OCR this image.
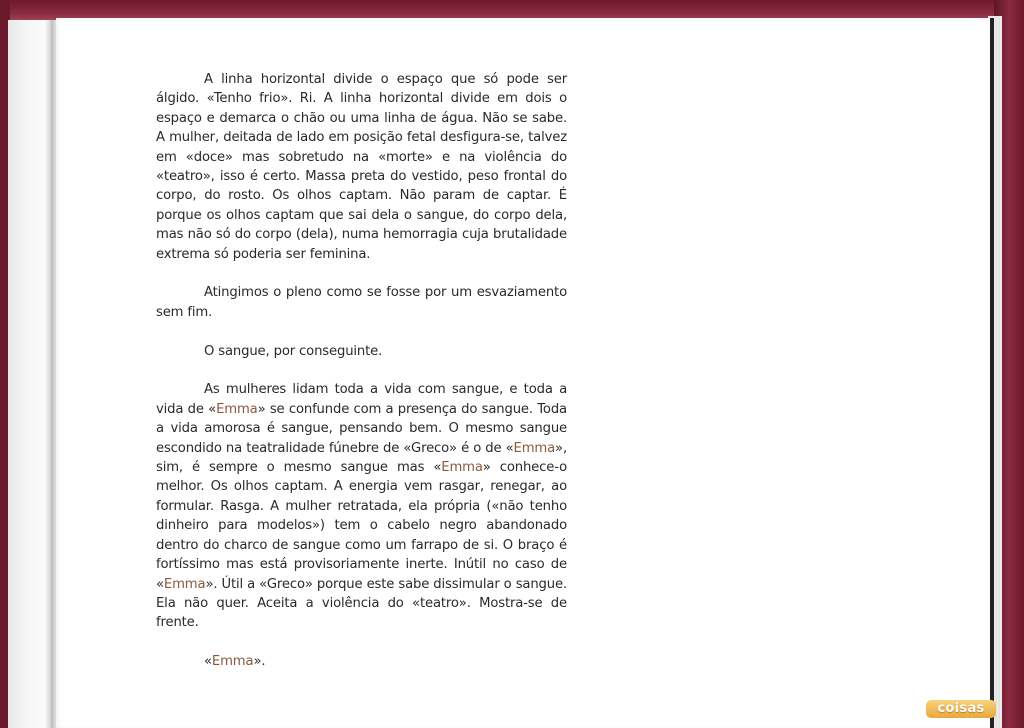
A linha horizontal divide o espaço que só pode ser álgido. «Tenho frio». Ri. A linha horizontal divide em dois o espaço e demarca o chão ou uma linha de água. Não se sabe. A mulher, deitada de lado em posição fetal desfigura-se, talvez em «doce» mas sobretudo na «morte» e na violência do «teatro», isso é certo. Massa preta do vestido, peso frontal do corpo, do rosto. Os olhos captam. Não param de captar. É porque os olhos captam que sai dela o sangue, do corpo dela, mas não só do corpo (dela), numa hemorragia cuja brutalidade extrema só poderia ser feminina.

Atingimos o pleno como se fosse por um esvaziamento sem fim.

O sangue, por conseguinte.

As mulheres lidam toda a vida com sangue, e toda a vida de «Emma» se confunde com a presença do sangue. Toda a vida amorosa é sangue, pensando bem. O mesmo sangue escondido na teatralidade fúnebre de «Greco» é o de «Emma», sim, é sempre o mesmo sangue mas «Emma» conhece-o melhor. Os olhos captam. A energia vem rasgar, renegar, ao formular. Rasga. A mulher retratada, ela própria («não tenho dinheiro para modelos») tem o cabelo negro abandonado dentro do charco de sangue como um farrapo de si. O braço é fortíssimo mas está provisoriamente inerte. Inútil no caso de «Emma». Útil a «Greco» porque este sabe dissimular o sangue. Ela não quer. Aceita a violência do «teatro». Mostra-se de frente.

«Emma».

coisas
